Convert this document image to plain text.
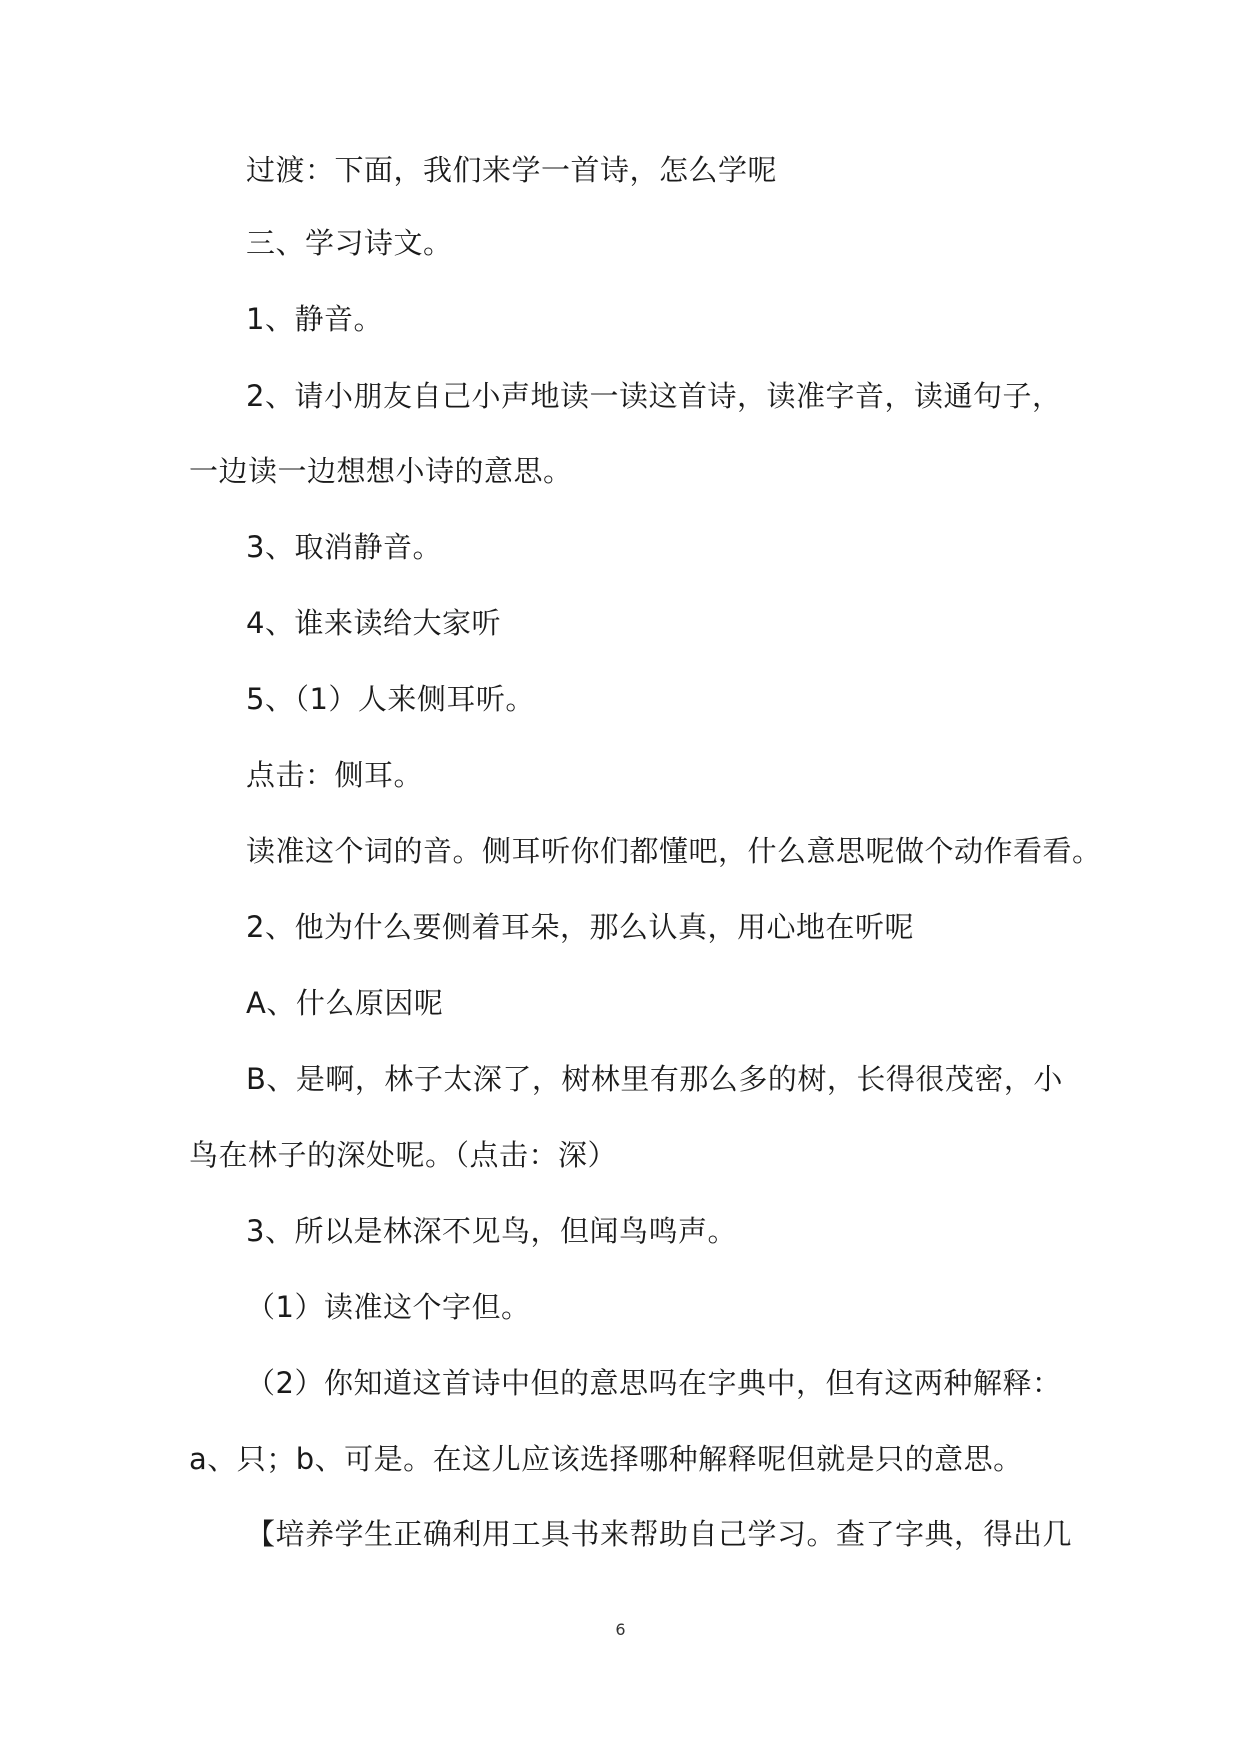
过渡：下面，我们来学一首诗，怎么学呢
三、学习诗文。
1、静音。
2、请小朋友自己小声地读一读这首诗，读准字音，读通句子，
一边读一边想想小诗的意思。
3、取消静音。
4、谁来读给大家听
5、（1）人来侧耳听。
点击：侧耳。
读准这个词的音。侧耳听你们都懂吧，什么意思呢做个动作看看。
2、他为什么要侧着耳朵，那么认真，用心地在听呢
A、什么原因呢
B、是啊，林子太深了，树林里有那么多的树，长得很茂密，小
鸟在林子的深处呢。（点击：深）
3、所以是林深不见鸟，但闻鸟鸣声。
（1）读准这个字但。
（2）你知道这首诗中但的意思吗在字典中，但有这两种解释：
a、只；b、可是。在这儿应该选择哪种解释呢但就是只的意思。
【培养学生正确利用工具书来帮助自己学习。查了字典，得出几
6
